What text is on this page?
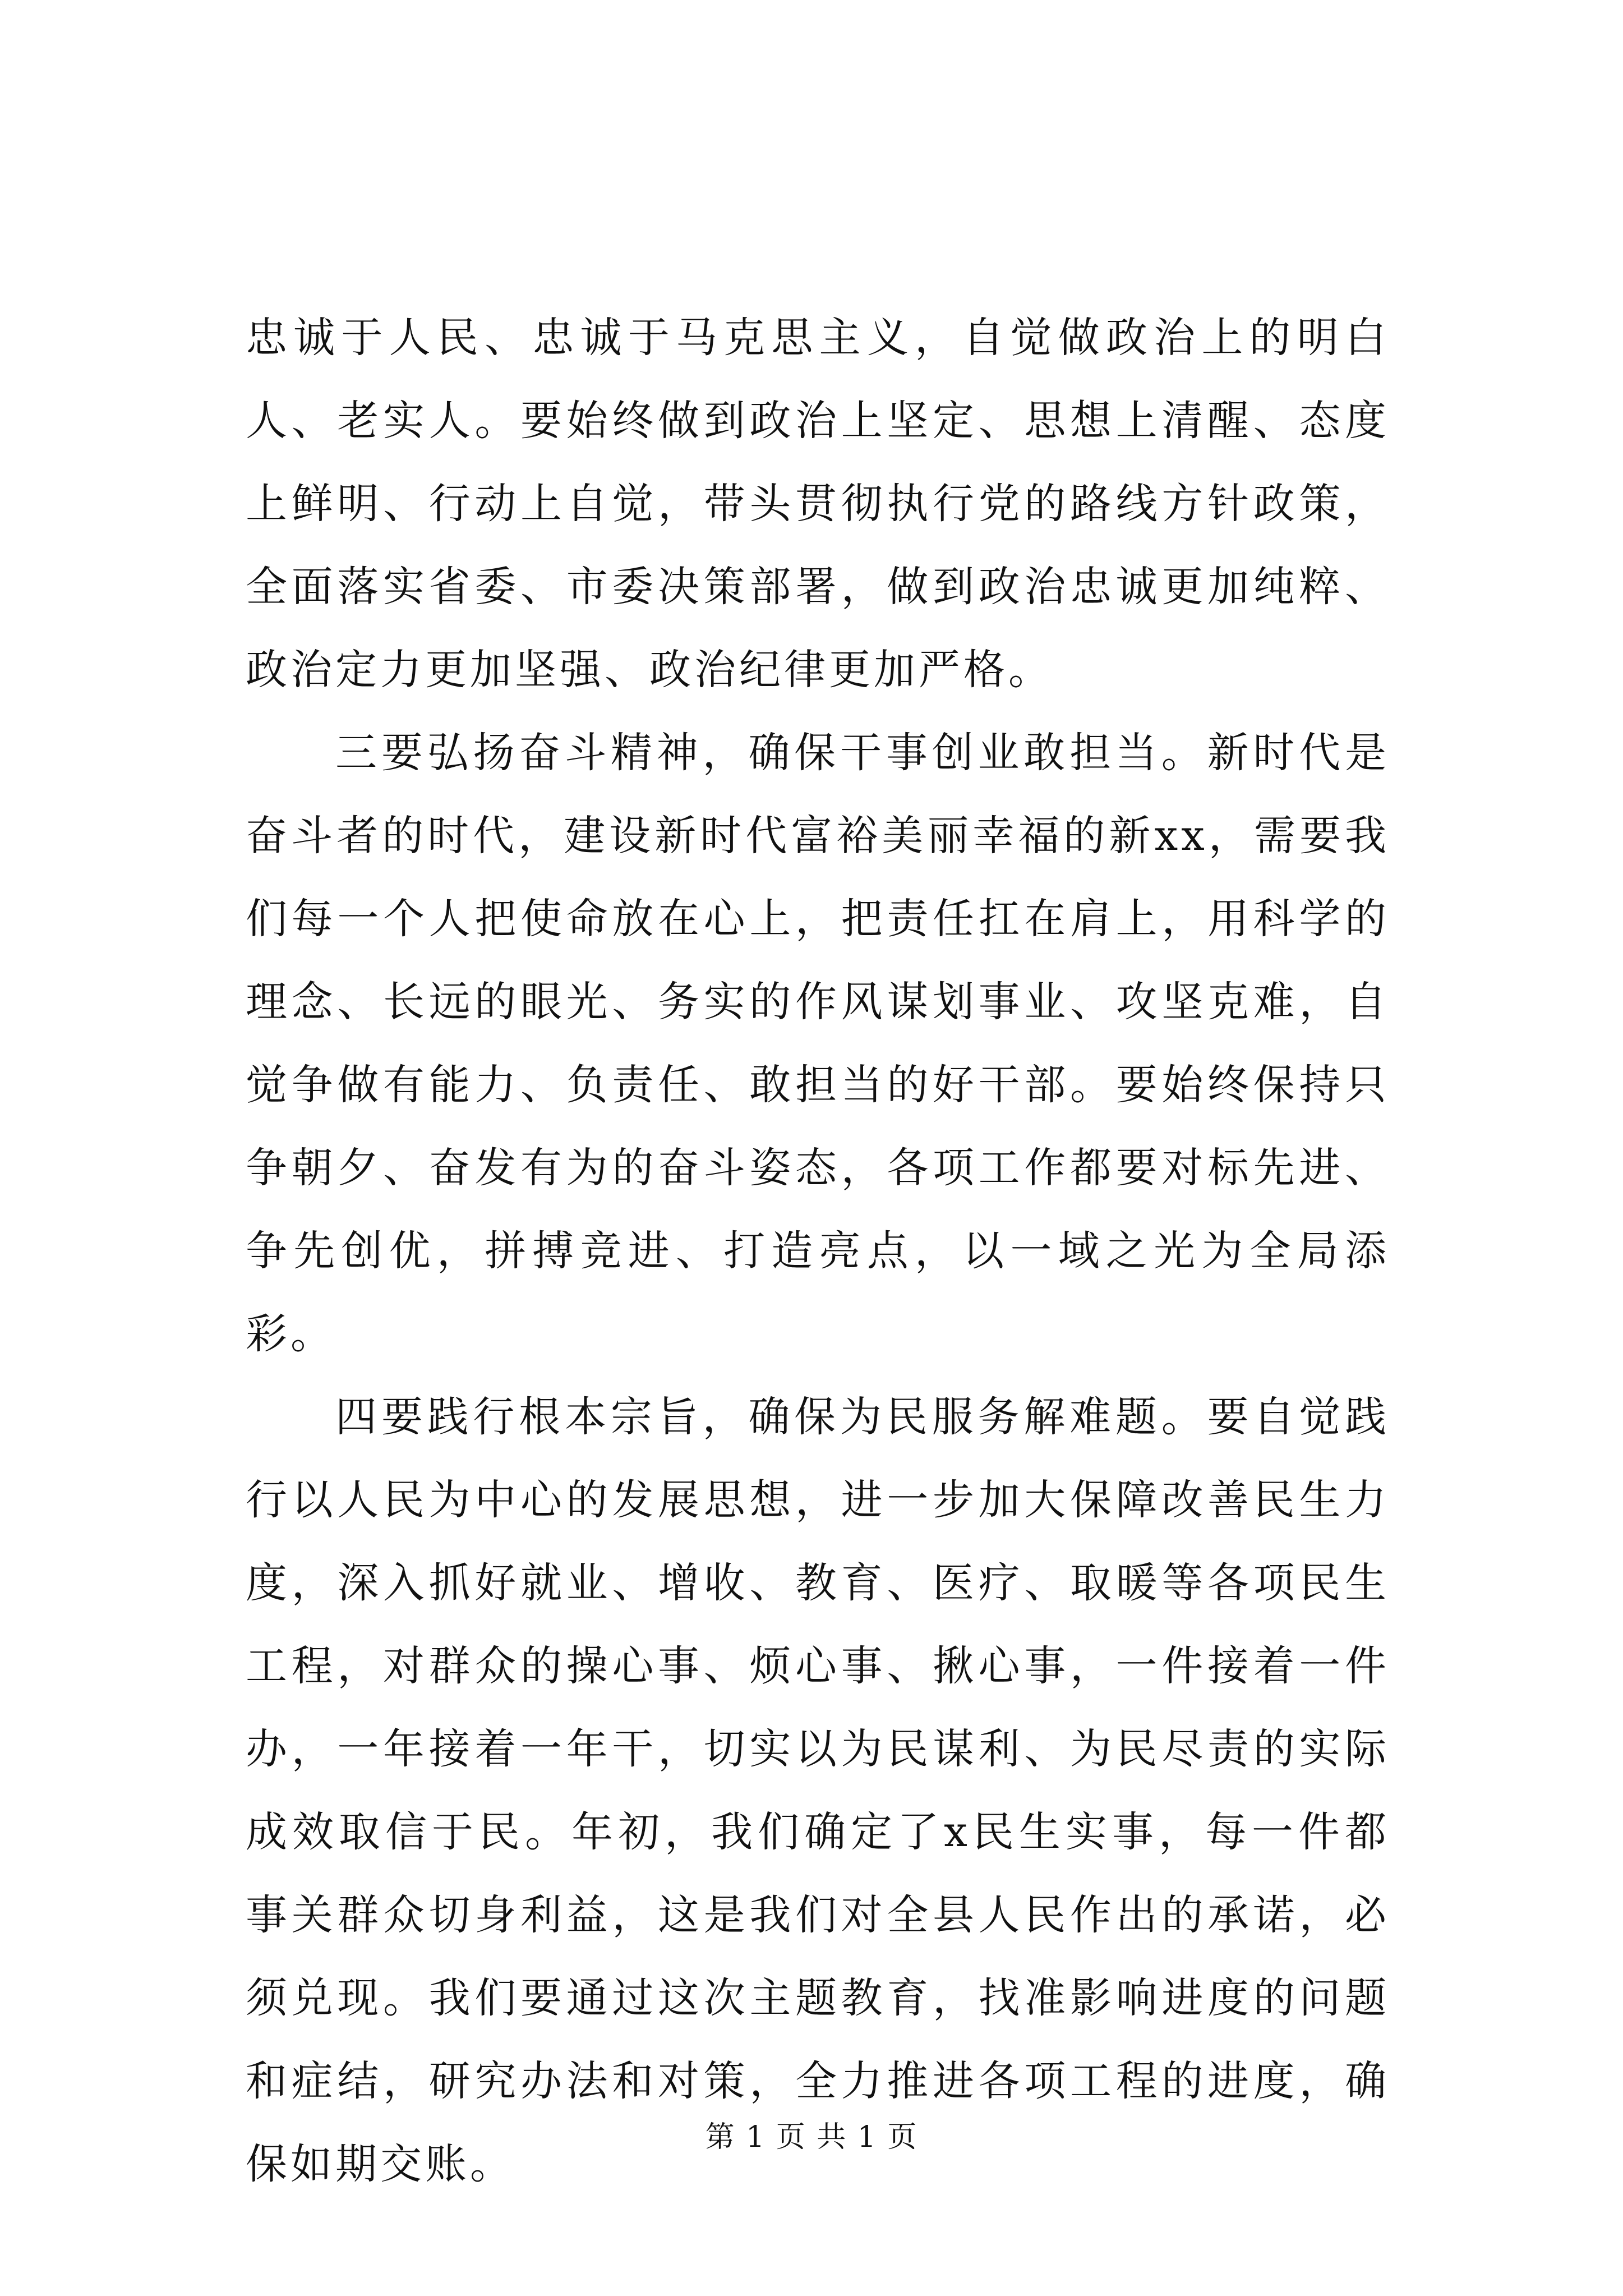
忠诚于人民、忠诚于马克思主义，自觉做政治上的明白人、老实人。要始终做到政治上坚定、思想上清醒、态度上鲜明、行动上自觉，带头贯彻执行党的路线方针政策，全面落实省委、市委决策部署，做到政治忠诚更加纯粹、政治定力更加坚强、政治纪律更加严格。

三要弘扬奋斗精神，确保干事创业敢担当。新时代是奋斗者的时代，建设新时代富裕美丽幸福的新xx，需要我们每一个人把使命放在心上，把责任扛在肩上，用科学的理念、长远的眼光、务实的作风谋划事业、攻坚克难，自觉争做有能力、负责任、敢担当的好干部。要始终保持只争朝夕、奋发有为的奋斗姿态，各项工作都要对标先进、争先创优，拼搏竞进、打造亮点，以一域之光为全局添彩。

四要践行根本宗旨，确保为民服务解难题。要自觉践行以人民为中心的发展思想，进一步加大保障改善民生力度，深入抓好就业、增收、教育、医疗、取暖等各项民生工程，对群众的操心事、烦心事、揪心事，一件接着一件办，一年接着一年干，切实以为民谋利、为民尽责的实际成效取信于民。年初，我们确定了x民生实事，每一件都事关群众切身利益，这是我们对全县人民作出的承诺，必须兑现。我们要通过这次主题教育，找准影响进度的问题和症结，研究办法和对策，全力推进各项工程的进度，确保如期交账。

第 1 页 共 1 页
